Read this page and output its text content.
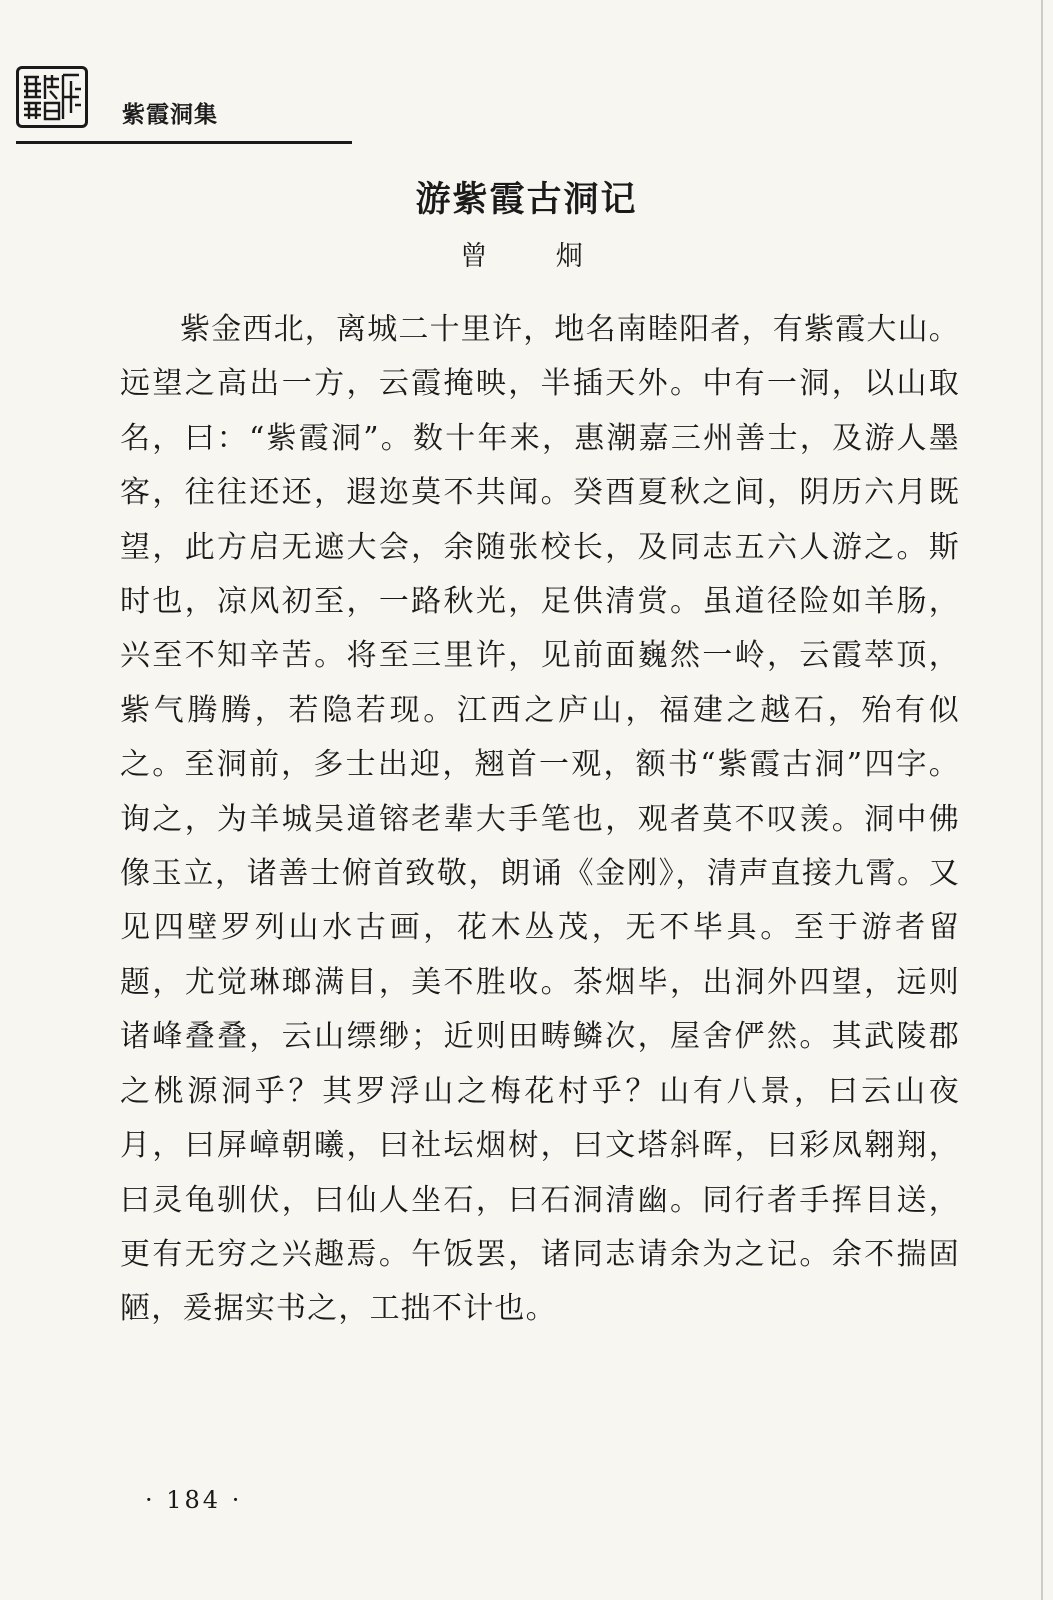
紫霞洞集
游紫霞古洞记
曾 炯
紫金西北，离城二十里许，地名南睦阳者，有紫霞大山。远望之高出一方，云霞掩映，半插天外。中有一洞，以山取名，曰：“紫霞洞”。数十年来，惠潮嘉三州善士，及游人墨客，往往还还，遐迩莫不共闻。癸酉夏秋之间，阴历六月既望，此方启无遮大会，余随张校长，及同志五六人游之。斯时也，凉风初至，一路秋光，足供清赏。虽道径险如羊肠，兴至不知辛苦。将至三里许，见前面巍然一岭，云霞萃顶，紫气腾腾，若隐若现。江西之庐山，福建之越石，殆有似之。至洞前，多士出迎，翘首一观，额书“紫霞古洞”四字。询之，为羊城吴道镕老辈大手笔也，观者莫不叹羡。洞中佛像玉立，诸善士俯首致敬，朗诵《金刚》，清声直接九霄。又见四壁罗列山水古画，花木丛茂，无不毕具。至于游者留题，尤觉琳瑯满目，美不胜收。茶烟毕，出洞外四望，远则诸峰叠叠，云山缥缈；近则田畴鳞次，屋舍俨然。其武陵郡之桃源洞乎？其罗浮山之梅花村乎？山有八景，曰云山夜月，曰屏嶂朝曦，曰社坛烟树，曰文塔斜晖，曰彩凤翱翔，曰灵龟驯伏，曰仙人坐石，曰石洞清幽。同行者手挥目送，更有无穷之兴趣焉。午饭罢，诸同志请余为之记。余不揣固陋，爰据实书之，工拙不计也。
· 184 ·
